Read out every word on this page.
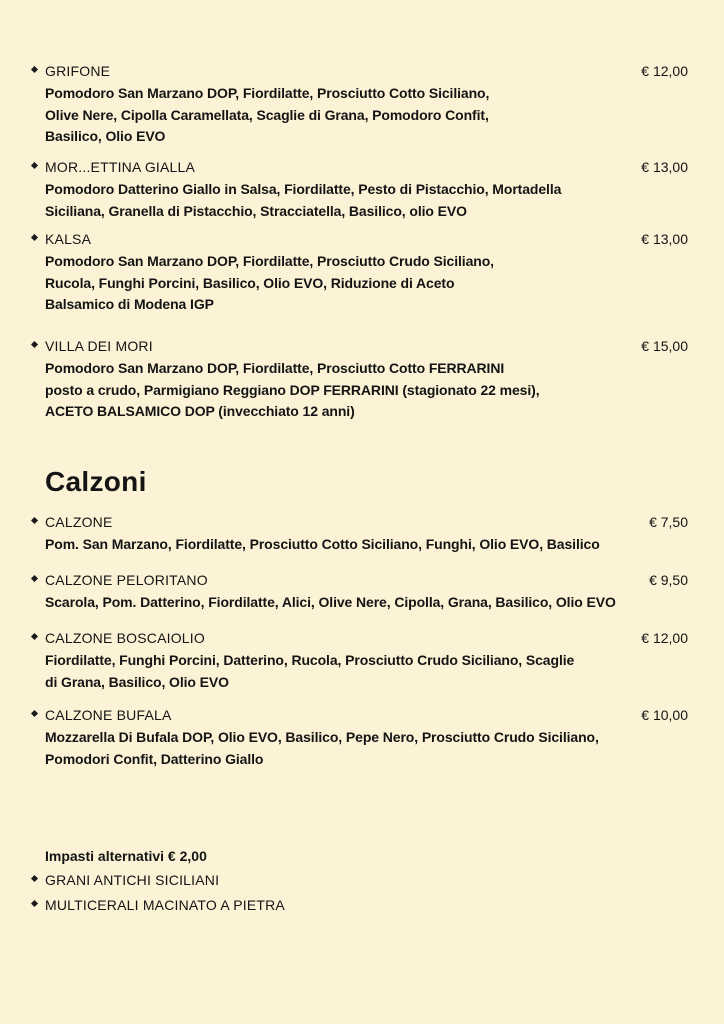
GRIFONE	€ 12,00
Pomodoro San Marzano DOP, Fiordilatte, Prosciutto Cotto Siciliano,
Olive Nere, Cipolla Caramellata, Scaglie di Grana, Pomodoro Confit,
Basilico, Olio EVO
MOR...ETTINA GIALLA	€ 13,00
Pomodoro Datterino Giallo in Salsa, Fiordilatte, Pesto di Pistacchio, Mortadella
Siciliana, Granella di Pistacchio, Stracciatella, Basilico, olio EVO
KALSA	€ 13,00
Pomodoro San Marzano DOP, Fiordilatte, Prosciutto Crudo Siciliano,
Rucola, Funghi Porcini, Basilico, Olio EVO, Riduzione di Aceto
Balsamico di Modena IGP
VILLA DEI MORI	€ 15,00
Pomodoro San Marzano DOP, Fiordilatte, Prosciutto Cotto FERRARINI
posto a crudo, Parmigiano Reggiano DOP FERRARINI (stagionato 22 mesi),
ACETO BALSAMICO DOP (invecchiato 12 anni)
Calzoni
CALZONE	€ 7,50
Pom. San Marzano, Fiordilatte, Prosciutto Cotto Siciliano, Funghi, Olio EVO, Basilico
CALZONE PELORITANO	€ 9,50
Scarola, Pom. Datterino, Fiordilatte, Alici, Olive Nere, Cipolla, Grana, Basilico, Olio EVO
CALZONE BOSCAIOLIO	€ 12,00
Fiordilatte, Funghi Porcini, Datterino, Rucola, Prosciutto Crudo Siciliano, Scaglie
di Grana, Basilico, Olio EVO
CALZONE BUFALA	€ 10,00
Mozzarella Di Bufala DOP, Olio EVO, Basilico, Pepe Nero, Prosciutto Crudo Siciliano,
Pomodori Confit, Datterino Giallo
Impasti alternativi € 2,00
GRANI ANTICHI SICILIANI
MULTICERALI MACINATO A PIETRA
